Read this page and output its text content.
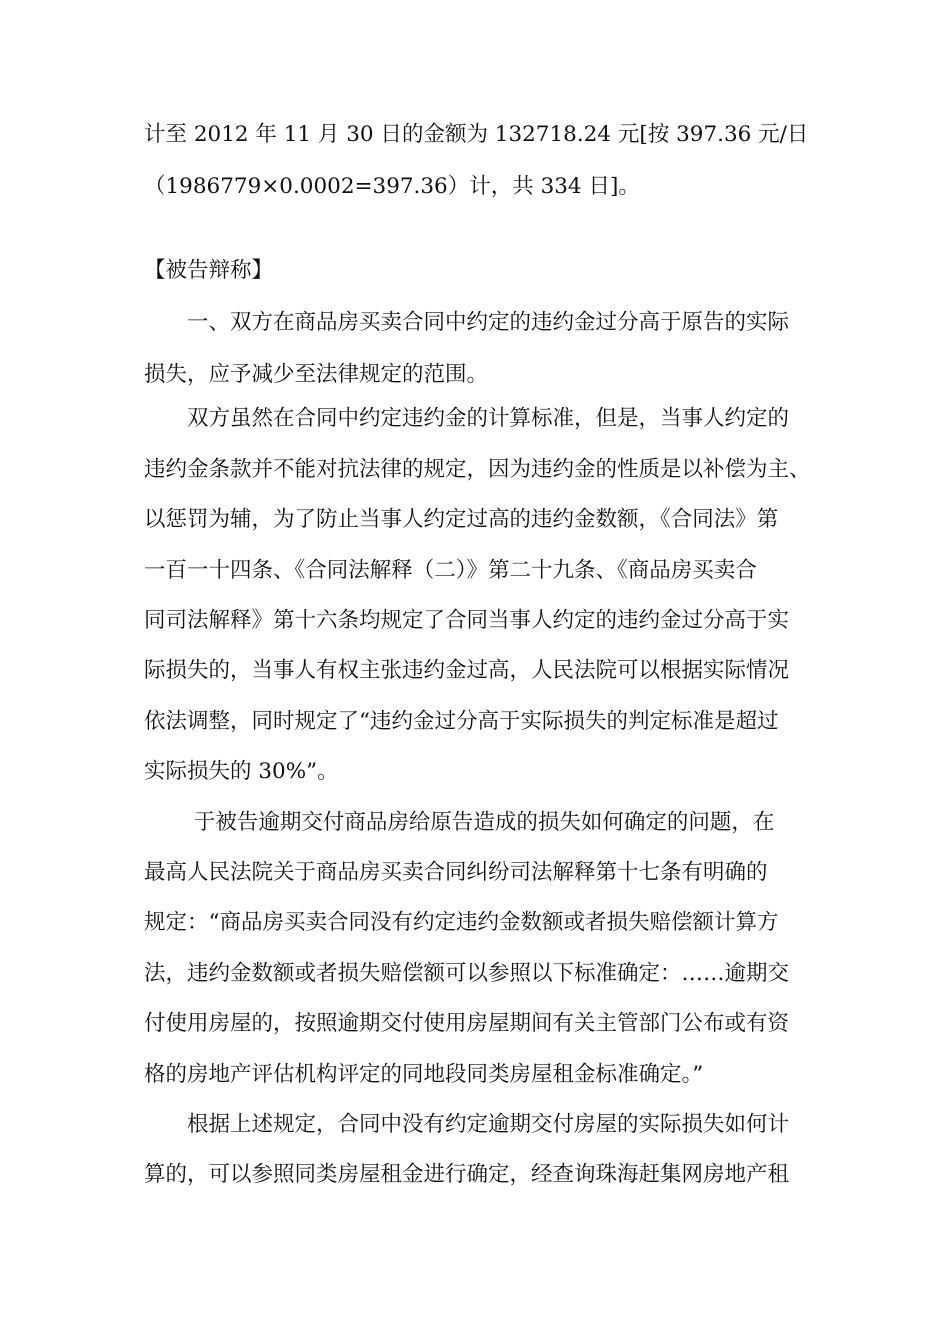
计至 2012 年 11 月 30 日的金额为 132718.24 元[按 397.36 元/日
（1986779×0.0002=397.36）计，共 334 日]。
【被告辩称】
　　一、双方在商品房买卖合同中约定的违约金过分高于原告的实际
损失，应予减少至法律规定的范围。
　　双方虽然在合同中约定违约金的计算标准，但是，当事人约定的
违约金条款并不能对抗法律的规定，因为违约金的性质是以补偿为主、
以惩罚为辅，为了防止当事人约定过高的违约金数额，《合同法》第
一百一十四条、《合同法解释（二）》第二十九条、《商品房买卖合
同司法解释》第十六条均规定了合同当事人约定的违约金过分高于实
际损失的，当事人有权主张违约金过高，人民法院可以根据实际情况
依法调整，同时规定了“违约金过分高于实际损失的判定标准是超过
实际损失的 30%”。
　　 于被告逾期交付商品房给原告造成的损失如何确定的问题，在
最高人民法院关于商品房买卖合同纠纷司法解释第十七条有明确的
规定：“商品房买卖合同没有约定违约金数额或者损失赔偿额计算方
法，违约金数额或者损失赔偿额可以参照以下标准确定：……逾期交
付使用房屋的，按照逾期交付使用房屋期间有关主管部门公布或有资
格的房地产评估机构评定的同地段同类房屋租金标准确定。”
　　根据上述规定，合同中没有约定逾期交付房屋的实际损失如何计
算的，可以参照同类房屋租金进行确定，经查询珠海赶集网房地产租
